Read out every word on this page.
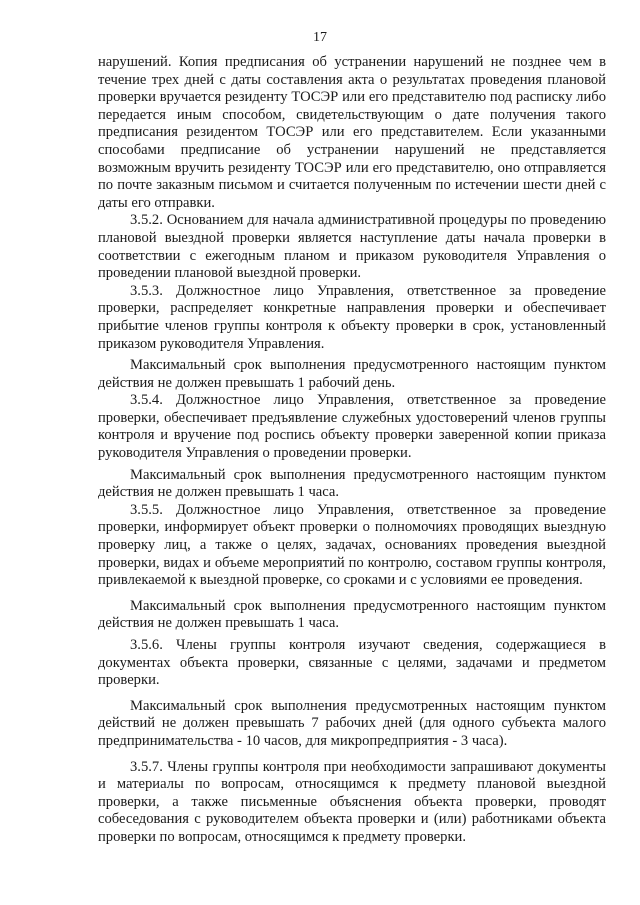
17

нарушений. Копия предписания об устранении нарушений не позднее чем в течение трех дней с даты составления акта о результатах проведения плановой проверки вручается резиденту ТОСЭР или его представителю под расписку либо передается иным способом, свидетельствующим о дате получения такого предписания резидентом ТОСЭР или его представителем. Если указанными способами предписание об устранении нарушений не представляется возможным вручить резиденту ТОСЭР или его представителю, оно отправляется по почте заказным письмом и считается полученным по истечении шести дней с даты его отправки.

3.5.2. Основанием для начала административной процедуры по проведению плановой выездной проверки является наступление даты начала проверки в соответствии с ежегодным планом и приказом руководителя Управления о проведении плановой выездной проверки.

3.5.3. Должностное лицо Управления, ответственное за проведение проверки, распределяет конкретные направления проверки и обеспечивает прибытие членов группы контроля к объекту проверки в срок, установленный приказом руководителя Управления.

Максимальный срок выполнения предусмотренного настоящим пунктом действия не должен превышать 1 рабочий день.

3.5.4. Должностное лицо Управления, ответственное за проведение проверки, обеспечивает предъявление служебных удостоверений членов группы контроля и вручение под роспись объекту проверки заверенной копии приказа руководителя Управления о проведении проверки.

Максимальный срок выполнения предусмотренного настоящим пунктом действия не должен превышать 1 часа.

3.5.5. Должностное лицо Управления, ответственное за проведение проверки, информирует объект проверки о полномочиях проводящих выездную проверку лиц, а также о целях, задачах, основаниях проведения выездной проверки, видах и объеме мероприятий по контролю, составом группы контроля, привлекаемой к выездной проверке, со сроками и с условиями ее проведения.

Максимальный срок выполнения предусмотренного настоящим пунктом действия не должен превышать 1 часа.

3.5.6. Члены группы контроля изучают сведения, содержащиеся в документах объекта проверки, связанные с целями, задачами и предметом проверки.

Максимальный срок выполнения предусмотренных настоящим пунктом действий не должен превышать 7 рабочих дней (для одного субъекта малого предпринимательства - 10 часов, для микропредприятия - 3 часа).

3.5.7. Члены группы контроля при необходимости запрашивают документы и материалы по вопросам, относящимся к предмету плановой выездной проверки, а также письменные объяснения объекта проверки, проводят собеседования с руководителем объекта проверки и (или) работниками объекта проверки по вопросам, относящимся к предмету проверки.
